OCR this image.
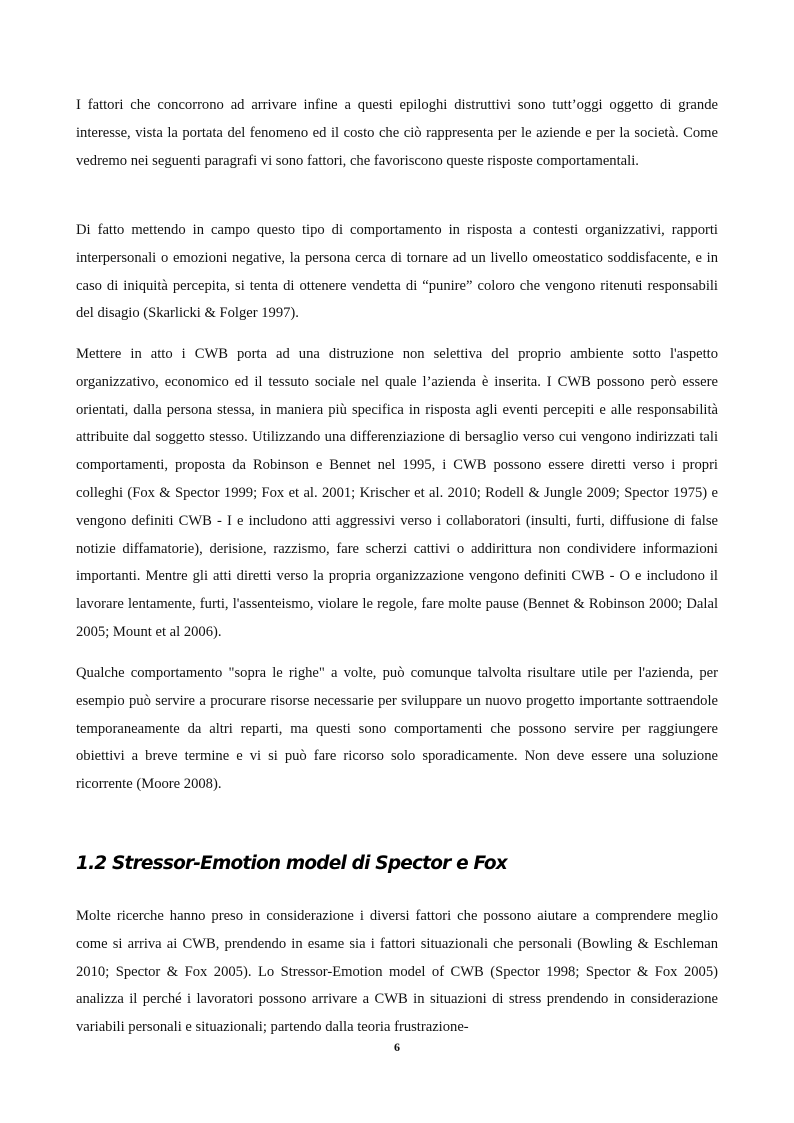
I fattori che concorrono ad arrivare infine a questi epiloghi distruttivi sono tutt’oggi oggetto di grande interesse, vista la portata del fenomeno ed il costo che ciò rappresenta per le aziende e per la società. Come vedremo nei seguenti paragrafi vi sono fattori, che favoriscono queste risposte comportamentali.

Di fatto mettendo in campo questo tipo di comportamento in risposta a contesti organizzativi, rapporti interpersonali o emozioni negative, la persona cerca di tornare ad un livello omeostatico soddisfacente, e in caso di iniquità percepita, si tenta di ottenere vendetta di “punire” coloro che vengono ritenuti responsabili del disagio (Skarlicki & Folger 1997).

Mettere in atto i CWB porta ad una distruzione non selettiva del proprio ambiente sotto l'aspetto organizzativo, economico ed il tessuto sociale nel quale l’azienda è inserita. I CWB possono però essere orientati, dalla persona stessa, in maniera più specifica in risposta agli eventi percepiti e alle responsabilità attribuite dal soggetto stesso. Utilizzando una differenziazione di bersaglio verso cui vengono indirizzati tali comportamenti, proposta da Robinson e Bennet nel 1995, i CWB possono essere diretti verso i propri colleghi (Fox & Spector 1999; Fox et al. 2001; Krischer et al. 2010; Rodell & Jungle 2009; Spector 1975) e vengono definiti CWB - I e includono atti aggressivi verso i collaboratori (insulti, furti, diffusione di false notizie diffamatorie), derisione, razzismo, fare scherzi cattivi o addirittura non condividere informazioni importanti. Mentre gli atti diretti verso la propria organizzazione vengono definiti CWB - O e includono il lavorare lentamente, furti, l'assenteismo, violare le regole, fare molte pause (Bennet & Robinson 2000; Dalal 2005; Mount et al 2006).

Qualche comportamento "sopra le righe" a volte, può comunque talvolta risultare utile per l'azienda, per esempio può servire a procurare risorse necessarie per sviluppare un nuovo progetto importante sottraendole temporaneamente da altri reparti, ma questi sono comportamenti che possono servire per raggiungere obiettivi a breve termine e vi si può fare ricorso solo sporadicamente. Non deve essere una soluzione ricorrente (Moore 2008).

1.2 Stressor-Emotion model di Spector e Fox

Molte ricerche hanno preso in considerazione i diversi fattori che possono aiutare a comprendere meglio come si arriva ai CWB, prendendo in esame sia i fattori situazionali che personali (Bowling & Eschleman 2010; Spector & Fox 2005). Lo Stressor-Emotion model of CWB (Spector 1998; Spector & Fox 2005) analizza il perché i lavoratori possono arrivare a CWB in situazioni di stress prendendo in considerazione variabili personali e situazionali; partendo dalla teoria frustrazione-

6
